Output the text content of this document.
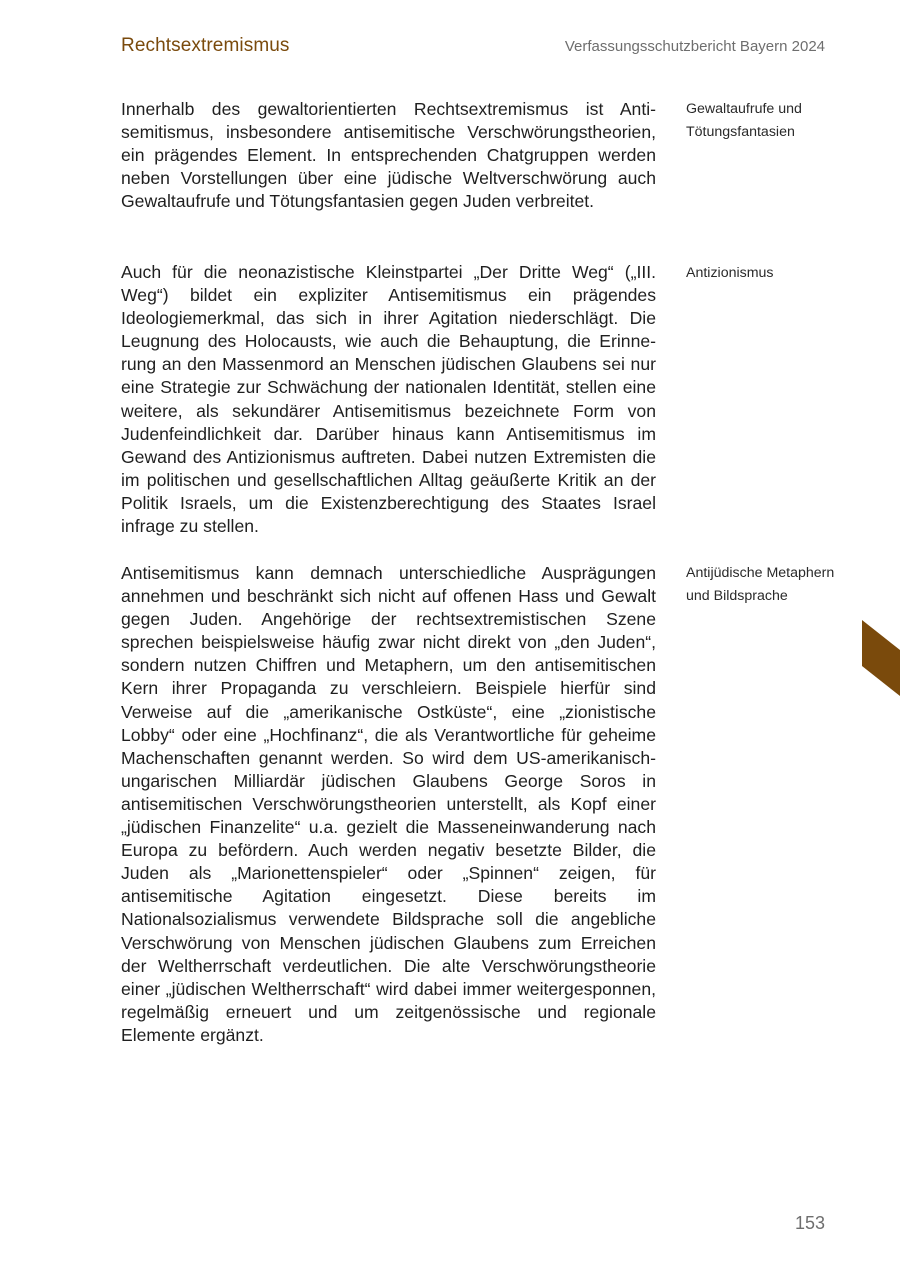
Rechtsextremismus	Verfassungsschutzbericht Bayern 2024

Innerhalb des gewaltorientierten Rechtsextremismus ist Antisemitismus, insbesondere antisemitische Verschwörungstheorien, ein prägendes Element. In entsprechenden Chatgruppen werden neben Vorstellungen über eine jüdische Weltverschwörung auch Gewaltaufrufe und Tötungsfantasien gegen Juden verbreitet.

Auch für die neonazistische Kleinstpartei „Der Dritte Weg“ („III. Weg“) bildet ein expliziter Antisemitismus ein prägendes Ideologiemerkmal, das sich in ihrer Agitation niederschlägt. Die Leugnung des Holocausts, wie auch die Behauptung, die Erinnerung an den Massenmord an Menschen jüdischen Glaubens sei nur eine Strategie zur Schwächung der nationalen Identität, stellen eine weitere, als sekundärer Antisemitismus bezeichnete Form von Judenfeindlichkeit dar. Darüber hinaus kann Antisemitismus im Gewand des Antizionismus auftreten. Dabei nutzen Extremisten die im politischen und gesellschaftlichen Alltag geäußerte Kritik an der Politik Israels, um die Existenzberechtigung des Staates Israel infrage zu stellen.

Antisemitismus kann demnach unterschiedliche Ausprägungen annehmen und beschränkt sich nicht auf offenen Hass und Gewalt gegen Juden. Angehörige der rechtsextremistischen Szene sprechen beispielsweise häufig zwar nicht direkt von „den Juden“, sondern nutzen Chiffren und Metaphern, um den antisemitischen Kern ihrer Propaganda zu verschleiern. Beispiele hierfür sind Verweise auf die „amerikanische Ostküste“, eine „zionistische Lobby“ oder eine „Hochfinanz“, die als Verantwortliche für geheime Machenschaften genannt werden. So wird dem US-amerikanisch-ungarischen Milliardär jüdischen Glaubens George Soros in antisemitischen Verschwörungstheorien unterstellt, als Kopf einer „jüdischen Finanzelite“ u.a. gezielt die Masseneinwanderung nach Europa zu befördern. Auch werden negativ besetzte Bilder, die Juden als „Marionettenspieler“ oder „Spinnen“ zeigen, für antisemitische Agitation eingesetzt. Diese bereits im Nationalsozialismus verwendete Bildsprache soll die angebliche Verschwörung von Menschen jüdischen Glaubens zum Erreichen der Weltherrschaft verdeutlichen. Die alte Verschwörungstheorie einer „jüdischen Weltherrschaft“ wird dabei immer weitergesponnen, regelmäßig erneuert und um zeitgenössische und regionale Elemente ergänzt.

Gewaltaufrufe und Tötungsfantasien

Antizionismus

Antijüdische Metaphern und Bildsprache

153
